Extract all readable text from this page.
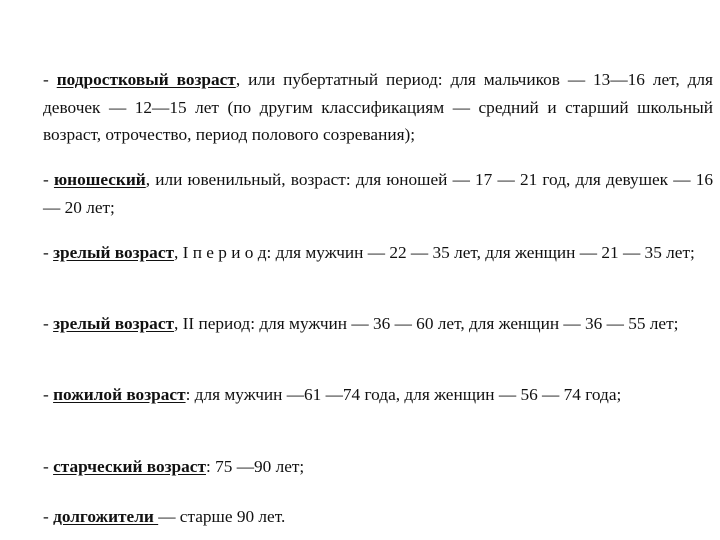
- подростковый возраст, или пубертатный период: для мальчиков — 13—16 лет, для девочек — 12—15 лет (по другим классификациям — средний и старший школьный возраст, отрочество, период полового созревания);

- юношеский, или ювенильный, возраст: для юношей — 17 — 21 год, для девушек — 16 — 20 лет;

- зрелый возраст, I п е р и о д: для мужчин — 22 — 35 лет, для женщин — 21 — 35 лет;

- зрелый возраст, II период: для мужчин — 36 — 60 лет, для женщин — 36 — 55 лет;

- пожилой возраст: для мужчин —61 —74 года, для женщин — 56 — 74 года;

- старческий возраст: 75 —90 лет;

- долгожители — старше 90 лет.
